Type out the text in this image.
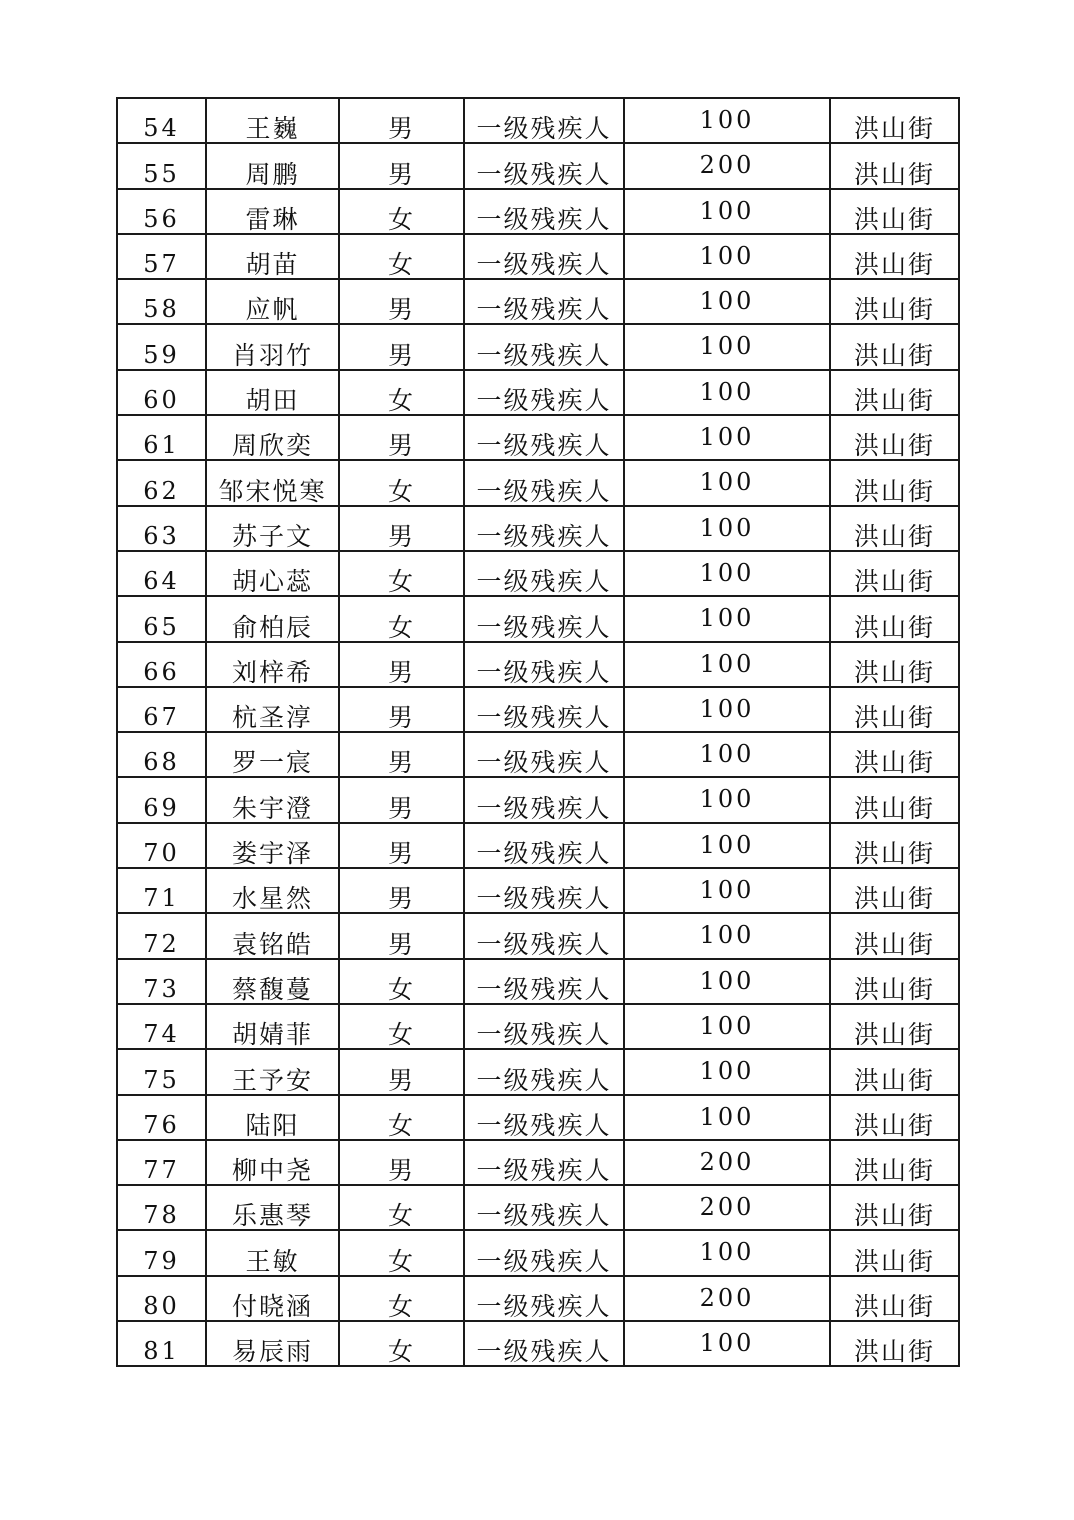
54	王巍	男	一级残疾人	100	洪山街
55	周鹏	男	一级残疾人	200	洪山街
56	雷琳	女	一级残疾人	100	洪山街
57	胡苗	女	一级残疾人	100	洪山街
58	应帆	男	一级残疾人	100	洪山街
59	肖羽竹	男	一级残疾人	100	洪山街
60	胡田	女	一级残疾人	100	洪山街
61	周欣奕	男	一级残疾人	100	洪山街
62	邹宋悦寒	女	一级残疾人	100	洪山街
63	苏子文	男	一级残疾人	100	洪山街
64	胡心蕊	女	一级残疾人	100	洪山街
65	俞柏辰	女	一级残疾人	100	洪山街
66	刘梓希	男	一级残疾人	100	洪山街
67	杭圣淳	男	一级残疾人	100	洪山街
68	罗一宸	男	一级残疾人	100	洪山街
69	朱宇澄	男	一级残疾人	100	洪山街
70	娄宇泽	男	一级残疾人	100	洪山街
71	水星然	男	一级残疾人	100	洪山街
72	袁铭皓	男	一级残疾人	100	洪山街
73	蔡馥蔓	女	一级残疾人	100	洪山街
74	胡婧菲	女	一级残疾人	100	洪山街
75	王予安	男	一级残疾人	100	洪山街
76	陆阳	女	一级残疾人	100	洪山街
77	柳中尧	男	一级残疾人	200	洪山街
78	乐惠琴	女	一级残疾人	200	洪山街
79	王敏	女	一级残疾人	100	洪山街
80	付晓涵	女	一级残疾人	200	洪山街
81	易辰雨	女	一级残疾人	100	洪山街
